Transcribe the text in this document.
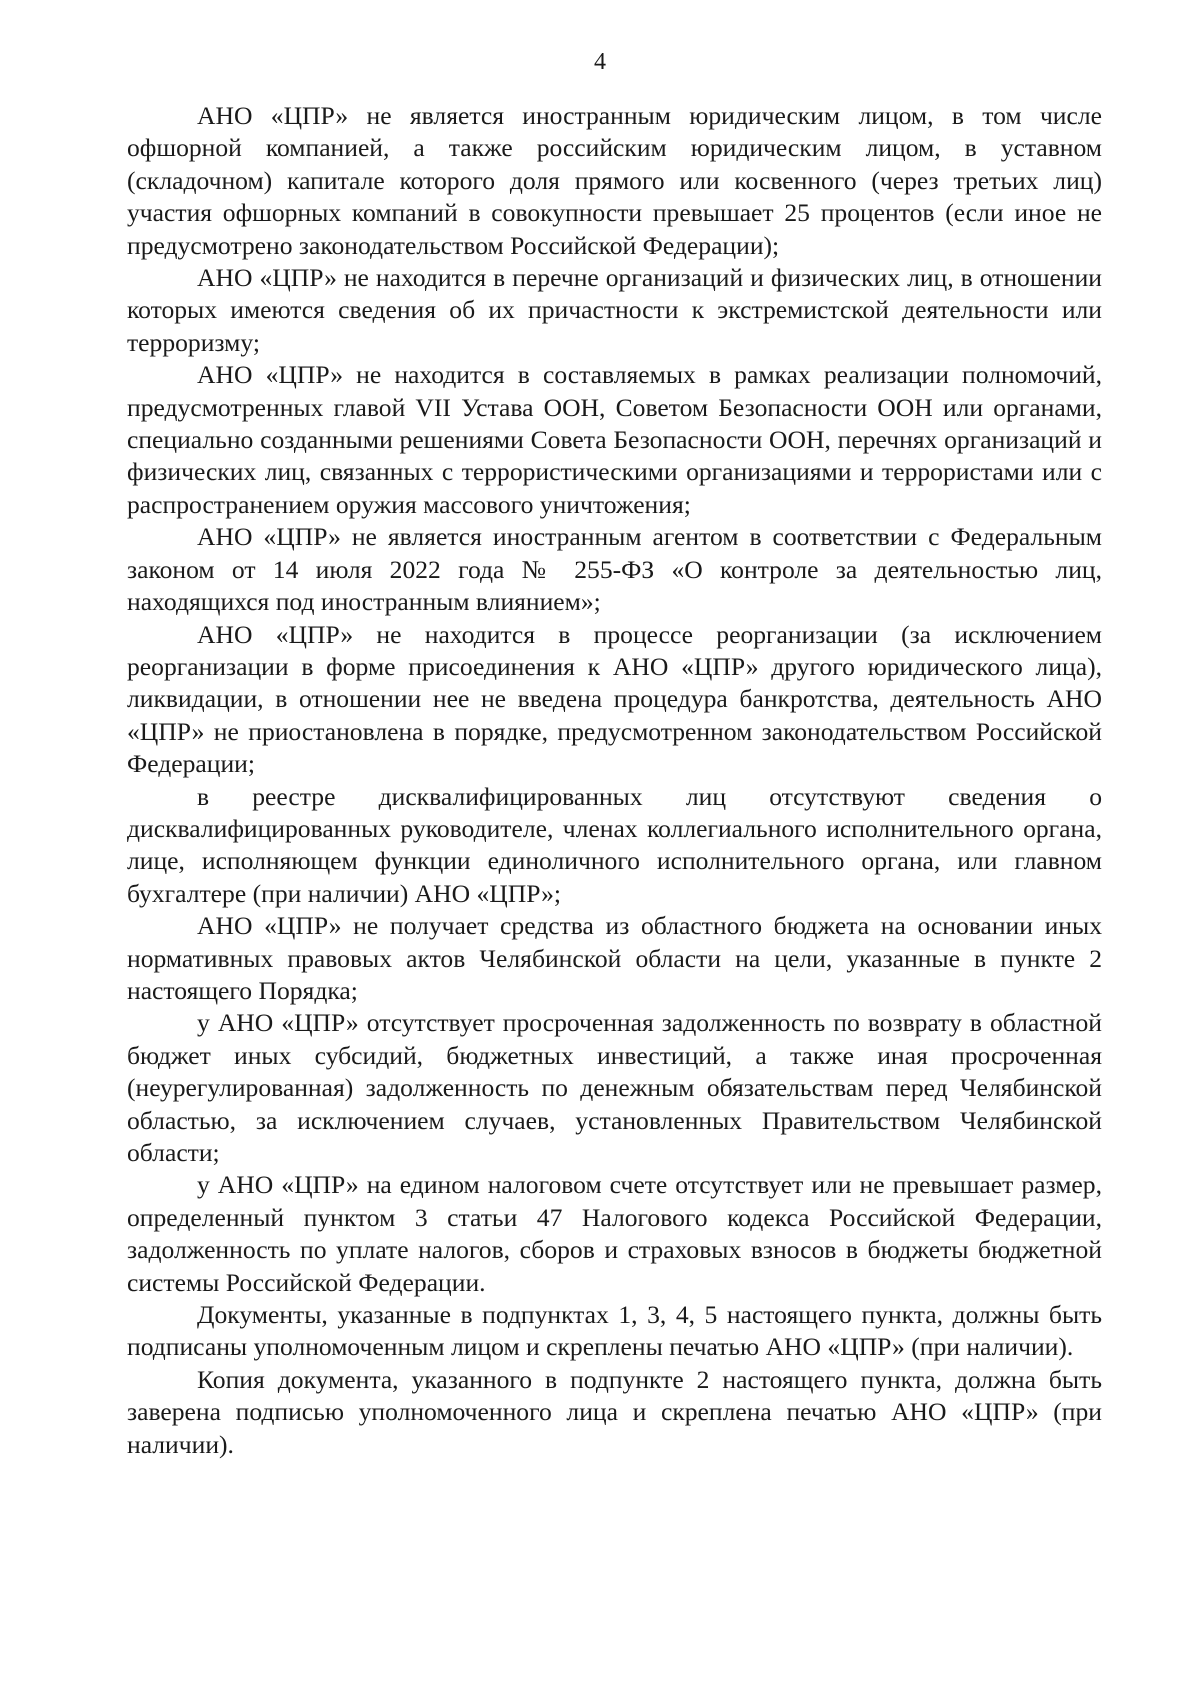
4

АНО «ЦПР» не является иностранным юридическим лицом, в том числе офшорной компанией, а также российским юридическим лицом, в уставном (складочном) капитале которого доля прямого или косвенного (через третьих лиц) участия офшорных компаний в совокупности превышает 25 процентов (если иное не предусмотрено законодательством Российской Федерации);

АНО «ЦПР» не находится в перечне организаций и физических лиц, в отношении которых имеются сведения об их причастности к экстремистской деятельности или терроризму;

АНО «ЦПР» не находится в составляемых в рамках реализации полномочий, предусмотренных главой VII Устава ООН, Советом Безопасности ООН или органами, специально созданными решениями Совета Безопасности ООН, перечнях организаций и физических лиц, связанных с террористическими организациями и террористами или с распространением оружия массового уничтожения;

АНО «ЦПР» не является иностранным агентом в соответствии с Федеральным законом от 14 июля 2022 года № 255-ФЗ «О контроле за деятельностью лиц, находящихся под иностранным влиянием»;

АНО «ЦПР» не находится в процессе реорганизации (за исключением реорганизации в форме присоединения к АНО «ЦПР» другого юридического лица), ликвидации, в отношении нее не введена процедура банкротства, деятельность АНО «ЦПР» не приостановлена в порядке, предусмотренном законодательством Российской Федерации;

в реестре дисквалифицированных лиц отсутствуют сведения о дисквалифицированных руководителе, членах коллегиального исполнительного органа, лице, исполняющем функции единоличного исполнительного органа, или главном бухгалтере (при наличии) АНО «ЦПР»;

АНО «ЦПР» не получает средства из областного бюджета на основании иных нормативных правовых актов Челябинской области на цели, указанные в пункте 2 настоящего Порядка;

у АНО «ЦПР» отсутствует просроченная задолженность по возврату в областной бюджет иных субсидий, бюджетных инвестиций, а также иная просроченная (неурегулированная) задолженность по денежным обязательствам перед Челябинской областью, за исключением случаев, установленных Правительством Челябинской области;

у АНО «ЦПР» на едином налоговом счете отсутствует или не превышает размер, определенный пунктом 3 статьи 47 Налогового кодекса Российской Федерации, задолженность по уплате налогов, сборов и страховых взносов в бюджеты бюджетной системы Российской Федерации.

Документы, указанные в подпунктах 1, 3, 4, 5 настоящего пункта, должны быть подписаны уполномоченным лицом и скреплены печатью АНО «ЦПР» (при наличии).

Копия документа, указанного в подпункте 2 настоящего пункта, должна быть заверена подписью уполномоченного лица и скреплена печатью АНО «ЦПР» (при наличии).
